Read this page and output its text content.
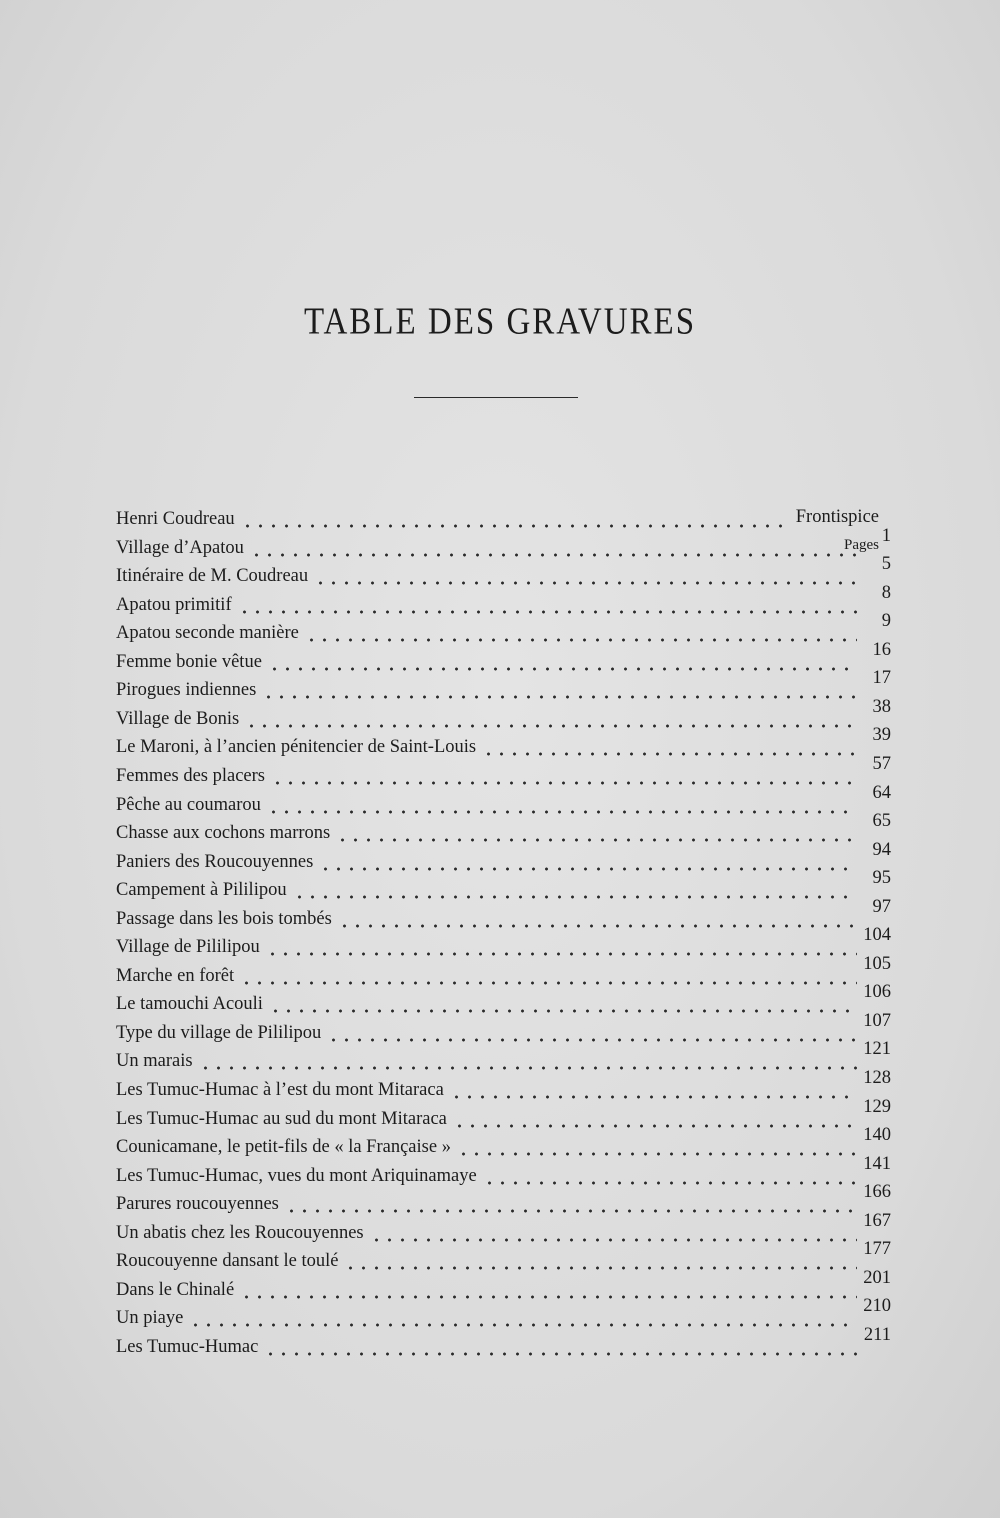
TABLE DES GRAVURES
Pages
Henri Coudreau	Frontispice
Village d’Apatou
1
Itinéraire de M. Coudreau
5
Apatou primitif
8
Apatou seconde manière
9
Femme bonie vêtue
16
Pirogues indiennes
17
Village de Bonis
38
Le Maroni, à l’ancien pénitencier de Saint-Louis
39
Femmes des placers
57
Pêche au coumarou
64
Chasse aux cochons marrons
65
Paniers des Roucouyennes
94
Campement à Pililipou
95
Passage dans les bois tombés
97
Village de Pililipou
104
Marche en forêt
105
Le tamouchi Acouli
106
Type du village de Pililipou
107
Un marais
121
Les Tumuc-Humac à l’est du mont Mitaraca
128
Les Tumuc-Humac au sud du mont Mitaraca
129
Counicamane, le petit-fils de « la Française »
140
Les Tumuc-Humac, vues du mont Ariquinamaye
141
Parures roucouyennes
166
Un abatis chez les Roucouyennes
167
Roucouyenne dansant le toulé
177
Dans le Chinalé
201
Un piaye
210
Les Tumuc-Humac
211
